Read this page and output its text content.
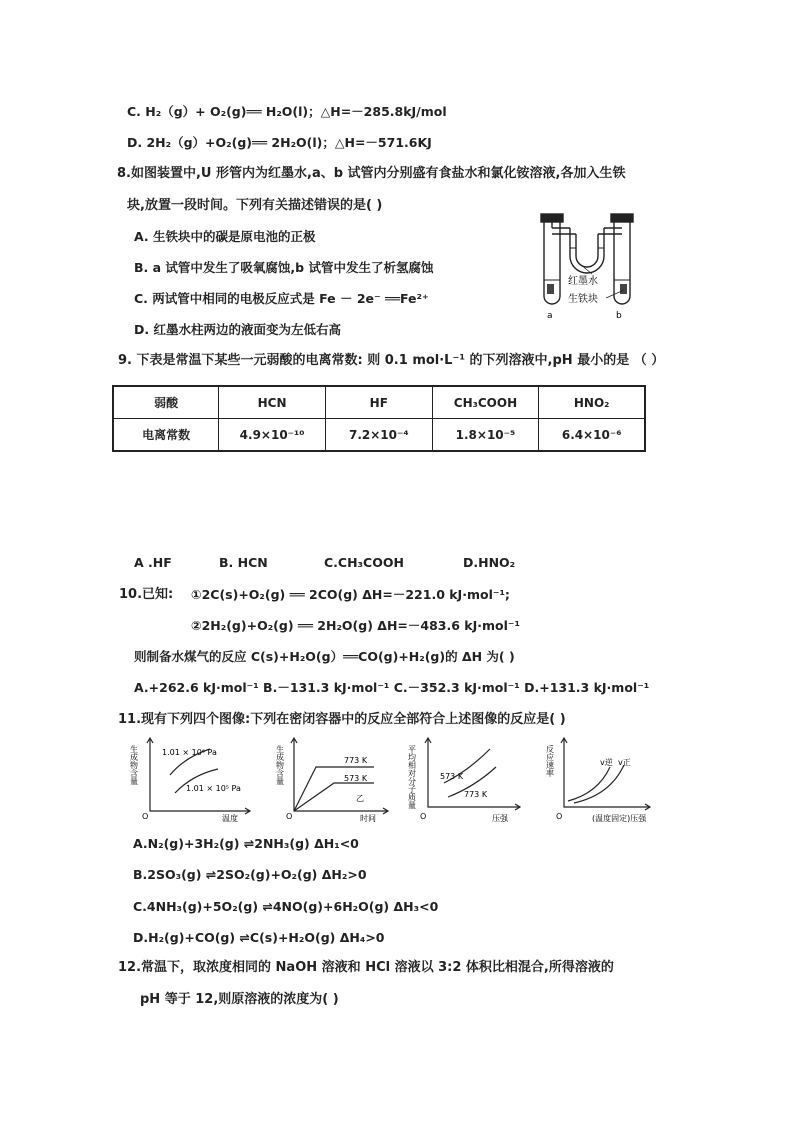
C. H₂（g）+ O₂(g)══ H₂O(l)；△H=－285.8kJ/mol
D. 2H₂（g）+O₂(g)══ 2H₂O(l)；△H=－571.6KJ
8.如图装置中,U 形管内为红墨水,a、b 试管内分别盛有食盐水和氯化铵溶液,各加入生铁
块,放置一段时间。下列有关描述错误的是( )
A. 生铁块中的碳是原电池的正极
B. a 试管中发生了吸氧腐蚀,b 试管中发生了析氢腐蚀
C. 两试管中相同的电极反应式是 Fe － 2e⁻ ══Fe²⁺
D. 红墨水柱两边的液面变为左低右高
红墨水
生铁块
a	b
9. 下表是常温下某些一元弱酸的电离常数: 则 0.1 mol·L⁻¹ 的下列溶液中,pH 最小的是 （ ）
弱酸	HCN	HF	CH₃COOH	HNO₂
电离常数	4.9×10⁻¹⁰	7.2×10⁻⁴	1.8×10⁻⁵	6.4×10⁻⁶
A .HF	B. HCN	C.CH₃COOH	D.HNO₂
10.已知: ①2C(s)+O₂(g) ══ 2CO(g) ΔH=－221.0 kJ·mol⁻¹;
②2H₂(g)+O₂(g) ══ 2H₂O(g) ΔH=－483.6 kJ·mol⁻¹
则制备水煤气的反应 C(s)+H₂O(g）══CO(g)+H₂(g)的 ΔH 为( )
A.+262.6 kJ·mol⁻¹ B.－131.3 kJ·mol⁻¹ C.－352.3 kJ·mol⁻¹ D.+131.3 kJ·mol⁻¹
11.现有下列四个图像:下列在密闭容器中的反应全部符合上述图像的反应是( )
生成物含量
O	温度
1.01 × 10⁶ Pa
1.01 × 10⁵ Pa
生成物含量
O	时间
773 K
573 K
乙	平均相对分子质量
O	压强
573 K
773 K
反应速率
O	(温度固定)压强
v逆 v正
A.N₂(g)+3H₂(g) ⇌2NH₃(g) ΔH₁<0
B.2SO₃(g) ⇌2SO₂(g)+O₂(g) ΔH₂>0
C.4NH₃(g)+5O₂(g) ⇌4NO(g)+6H₂O(g) ΔH₃<0
D.H₂(g)+CO(g) ⇌C(s)+H₂O(g) ΔH₄>0
12.常温下，取浓度相同的 NaOH 溶液和 HCl 溶液以 3:2 体积比相混合,所得溶液的
pH 等于 12,则原溶液的浓度为( )
